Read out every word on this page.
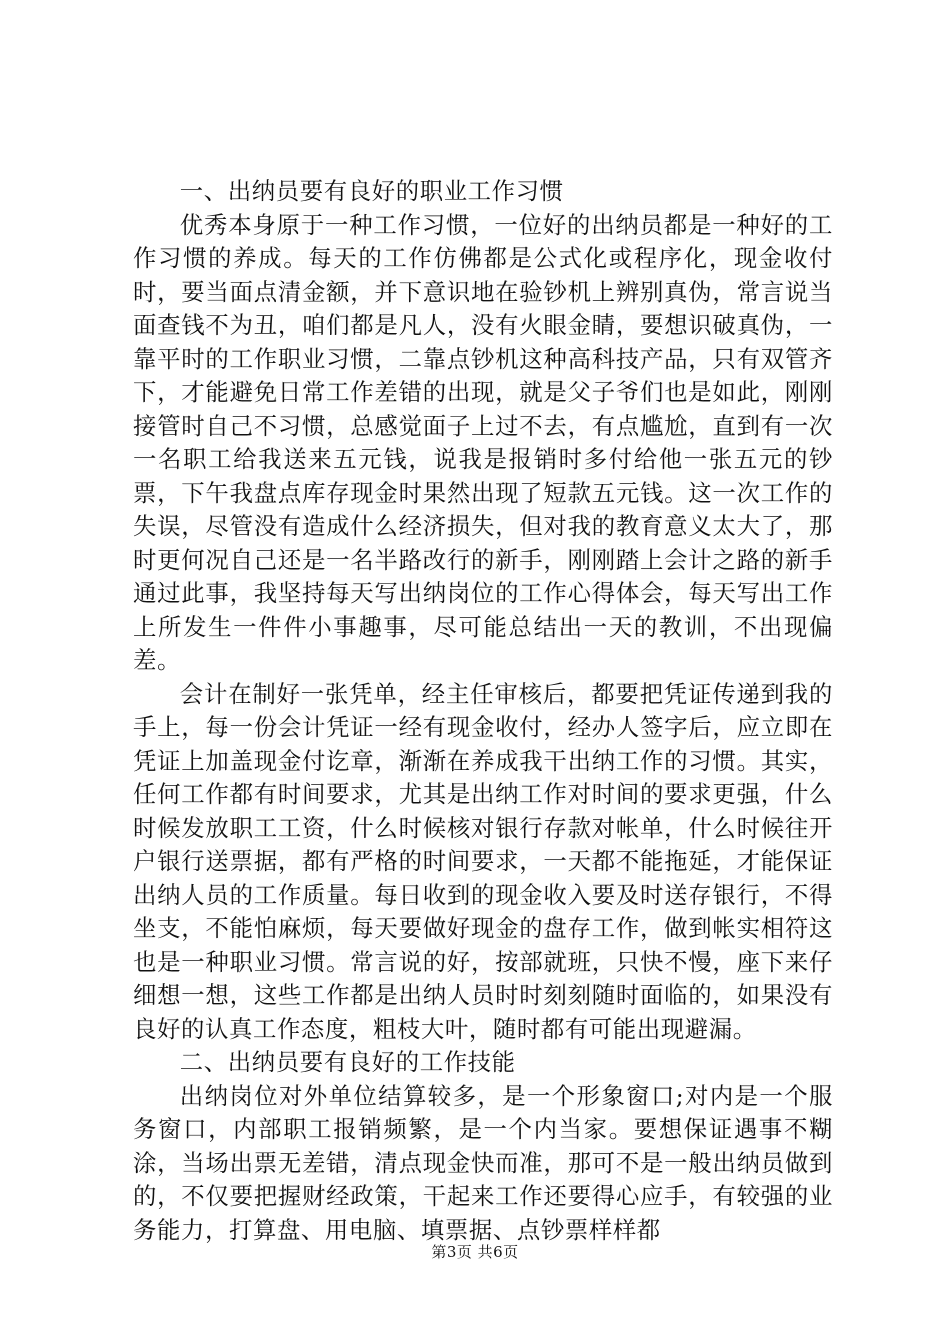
一、出纳员要有良好的职业工作习惯

优秀本身原于一种工作习惯，一位好的出纳员都是一种好的工作习惯的养成。每天的工作仿佛都是公式化或程序化，现金收付时，要当面点清金额，并下意识地在验钞机上辨别真伪，常言说当面查钱不为丑，咱们都是凡人，没有火眼金睛，要想识破真伪，一靠平时的工作职业习惯，二靠点钞机这种高科技产品，只有双管齐下，才能避免日常工作差错的出现，就是父子爷们也是如此，刚刚接管时自己不习惯，总感觉面子上过不去，有点尴尬，直到有一次一名职工给我送来五元钱，说我是报销时多付给他一张五元的钞票，下午我盘点库存现金时果然出现了短款五元钱。这一次工作的失误，尽管没有造成什么经济损失，但对我的教育意义太大了，那时更何况自己还是一名半路改行的新手，刚刚踏上会计之路的新手通过此事，我坚持每天写出纳岗位的工作心得体会，每天写出工作上所发生一件件小事趣事，尽可能总结出一天的教训，不出现偏差。

会计在制好一张凭单，经主任审核后，都要把凭证传递到我的手上，每一份会计凭证一经有现金收付，经办人签字后，应立即在凭证上加盖现金付讫章，渐渐在养成我干出纳工作的习惯。其实，任何工作都有时间要求，尤其是出纳工作对时间的要求更强，什么时候发放职工工资，什么时候核对银行存款对帐单，什么时候往开户银行送票据，都有严格的时间要求，一天都不能拖延，才能保证出纳人员的工作质量。每日收到的现金收入要及时送存银行，不得坐支，不能怕麻烦，每天要做好现金的盘存工作，做到帐实相符这也是一种职业习惯。常言说的好，按部就班，只快不慢，座下来仔细想一想，这些工作都是出纳人员时时刻刻随时面临的，如果没有良好的认真工作态度，粗枝大叶，随时都有可能出现避漏。

二、出纳员要有良好的工作技能

出纳岗位对外单位结算较多，是一个形象窗口;对内是一个服务窗口，内部职工报销频繁，是一个内当家。要想保证遇事不糊涂，当场出票无差错，清点现金快而准，那可不是一般出纳员做到的，不仅要把握财经政策，干起来工作还要得心应手，有较强的业务能力，打算盘、用电脑、填票据、点钞票样样都

第3页 共6页
